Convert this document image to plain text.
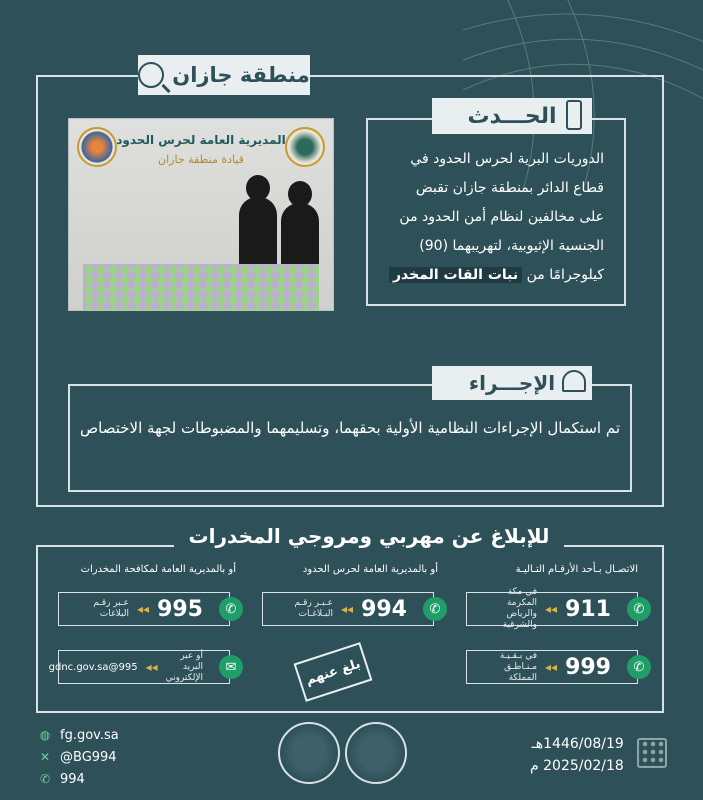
منطقة جازان
المديرية العامة لحرس الحدود
قيادة منطقة جازان
الحـــدث
الدوريات البرية لحرس الحدود في
قطاع الدائر بمنطقة جازان تقبض
على مخالفين لنظام أمن الحدود من
الجنسية الإثيوبية، لتهريبهما (90)
كيلوجرامًا من نبات القات المخدر
الإجـــراء
تم استكمال الإجراءات النظامية الأولية بحقهما، وتسليمهما والمضبوطات لجهة الاختصاص
للإبلاغ عن مهربي ومروجي المخدرات
الاتصـال بـأحد الأرقـام التـاليـة
أو بالمديرية العامة لحرس الحدود
أو بالمديرية العامة لمكافحة المخدرات
911
◂◂
في مكة المكرمة والرياض والشرقية
✆
999
◂◂
في بـقـيـة مـنـاطـق المملكة
✆
994
◂◂
عـبـر رقـم البـلاغـات	✆
995
◂◂
عـبر رقـم البلاغات	✆
أو عبر البريد الإلكتروني
◂◂
995@gdnc.gov.sa	✉	بلغ عنهم
◍ fg.gov.sa
✕ @BG994
✆ 994
1446/08/19هـ
2025/02/18 م
